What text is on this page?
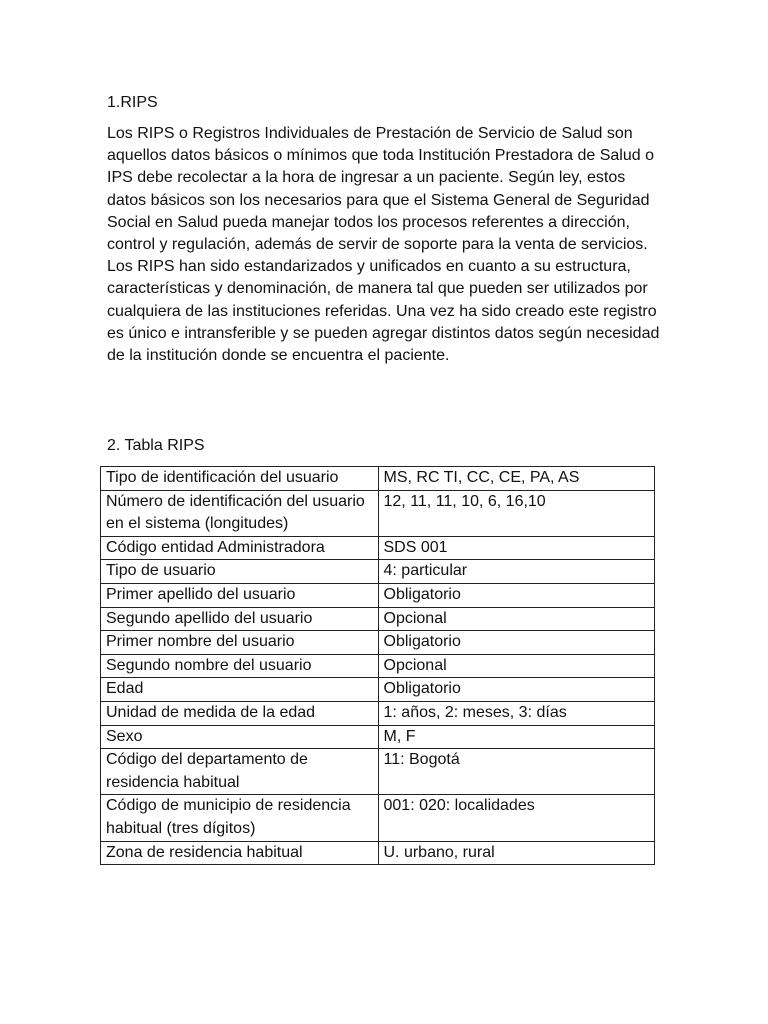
1.RIPS

Los RIPS o Registros Individuales de Prestación de Servicio de Salud son aquellos datos básicos o mínimos que toda Institución Prestadora de Salud o IPS debe recolectar a la hora de ingresar a un paciente. Según ley, estos datos básicos son los necesarios para que el Sistema General de Seguridad Social en Salud pueda manejar todos los procesos referentes a dirección, control y regulación, además de servir de soporte para la venta de servicios.

Los RIPS han sido estandarizados y unificados en cuanto a su estructura, características y denominación, de manera tal que pueden ser utilizados por cualquiera de las instituciones referidas. Una vez ha sido creado este registro es único e intransferible y se pueden agregar distintos datos según necesidad de la institución donde se encuentra el paciente.

2. Tabla RIPS
Tipo de identificación del usuario	MS, RC TI, CC, CE, PA, AS
Número de identificación del usuario en el sistema (longitudes)	12, 11, 11, 10, 6, 16,10
Código entidad Administradora	SDS 001
Tipo de usuario	4: particular
Primer apellido del usuario	Obligatorio
Segundo apellido del usuario	Opcional
Primer nombre del usuario	Obligatorio
Segundo nombre del usuario	Opcional
Edad	Obligatorio
Unidad de medida de la edad	1: años, 2: meses, 3: días
Sexo	M, F
Código del departamento de residencia habitual	11: Bogotá
Código de municipio de residencia habitual (tres dígitos)	001: 020: localidades
Zona de residencia habitual	U. urbano, rural
